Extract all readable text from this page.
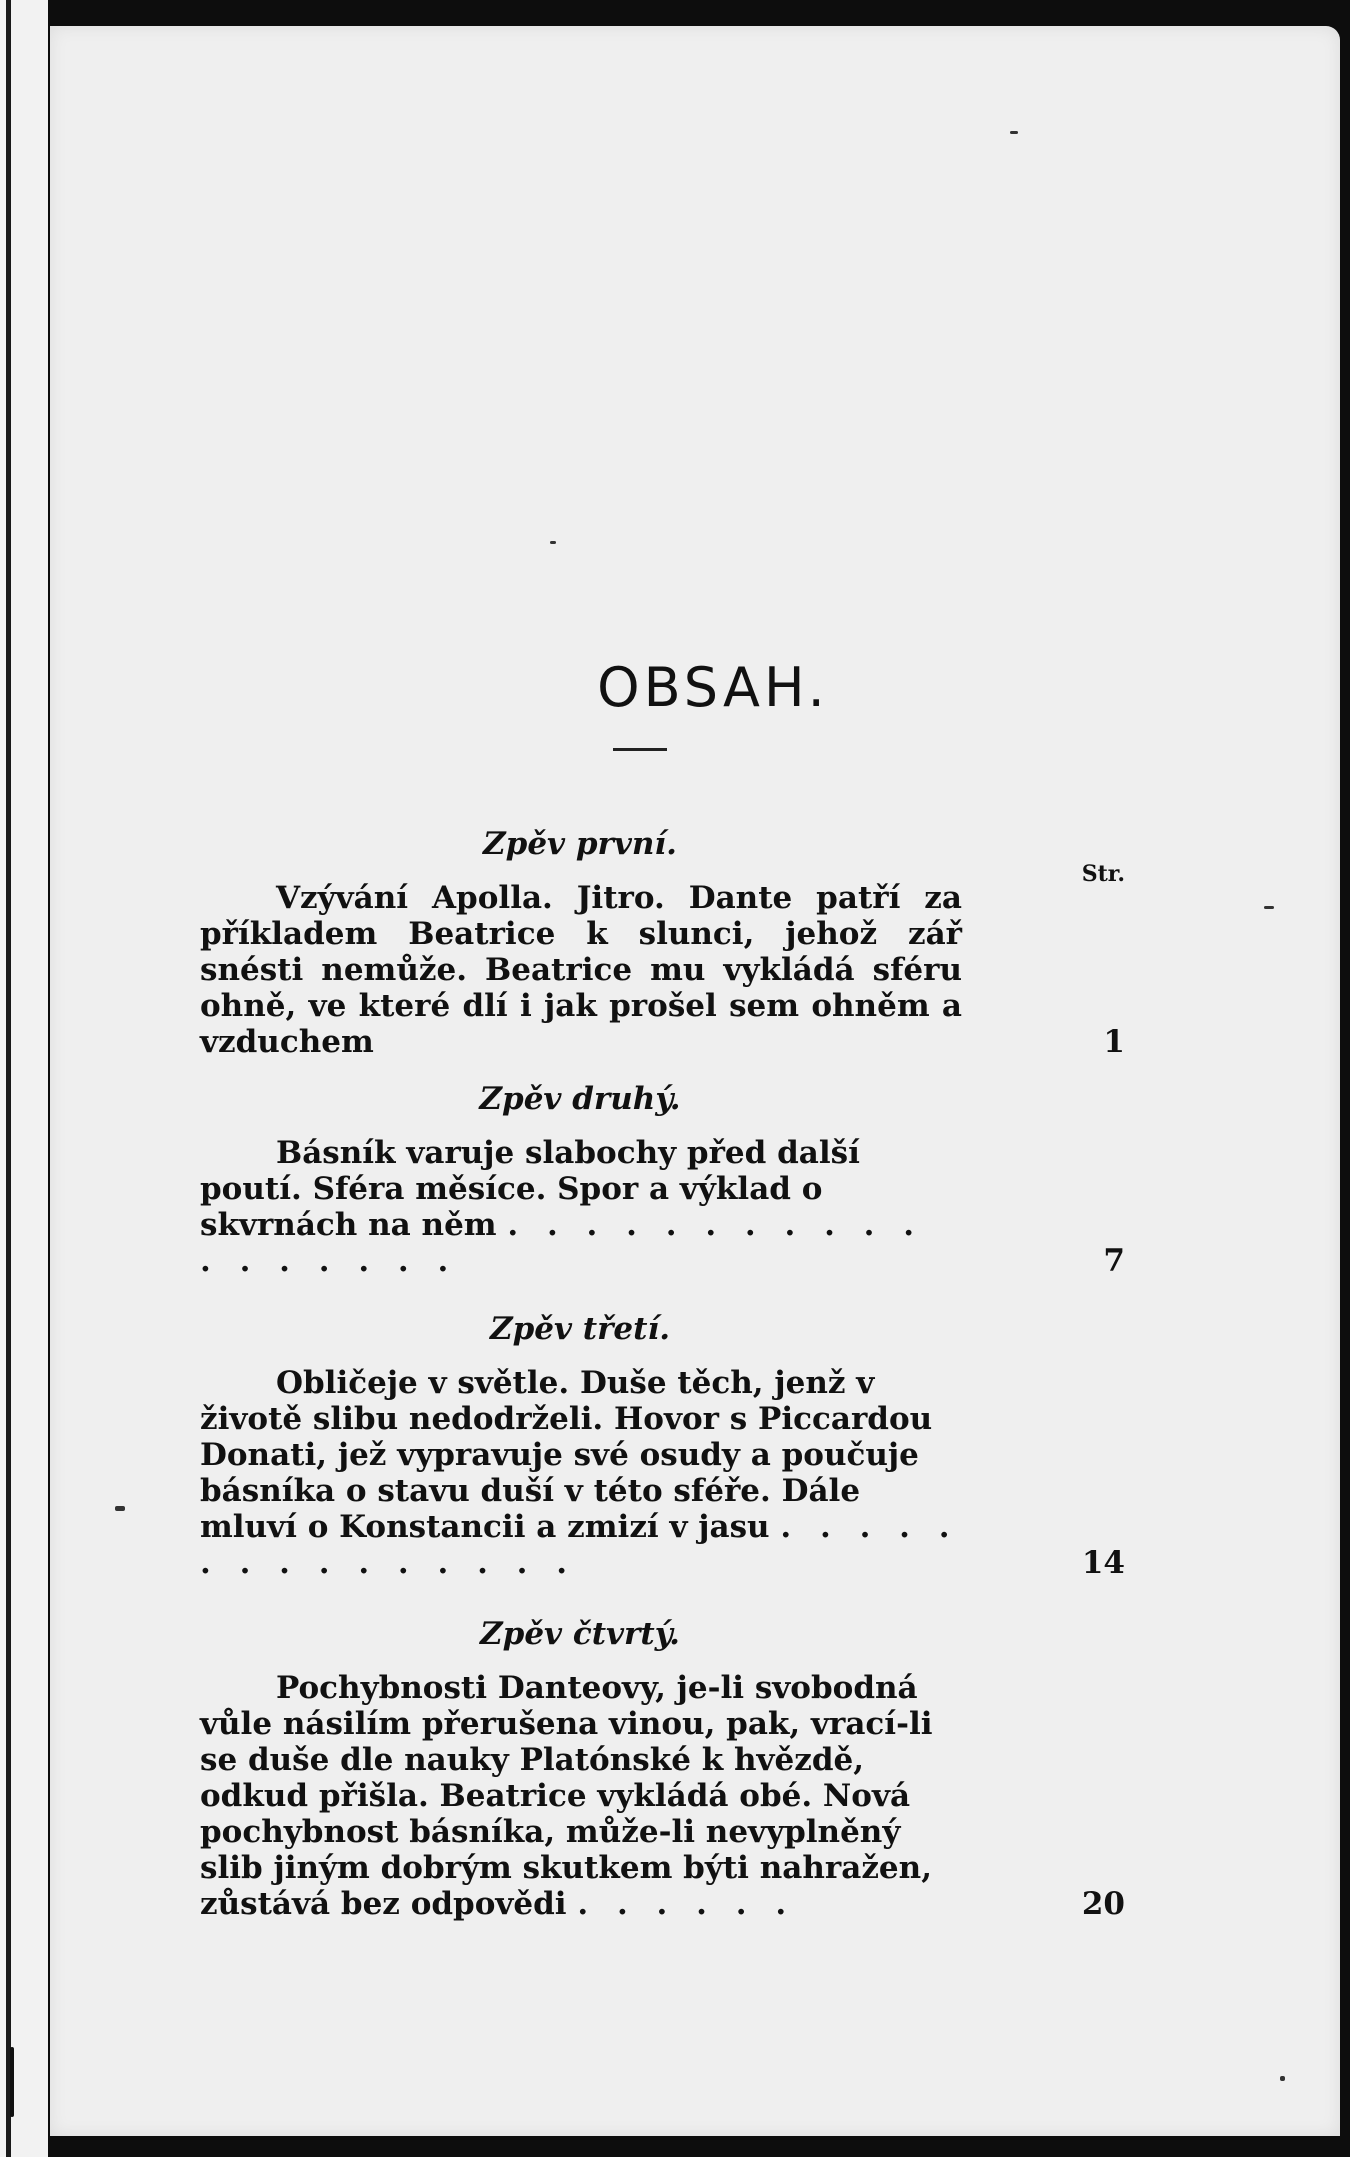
OBSAH.
Zpěv první.
Str.
Vzývání Apolla. Jitro. Dante patří za příkladem Beatrice k slunci, jehož zář snésti nemůže. Beatrice mu vykládá sféru ohně, ve které dlí i jak prošel sem ohněm a vzduchem	1
Zpěv druhý.
Básník varuje slabochy před další poutí. Sféra měsíce. Spor a výklad o skvrnách na něm . . . . . . . . . . . . . . . . . .	7
Zpěv třetí.
Obličeje v světle. Duše těch, jenž v životě slibu nedodrželi. Hovor s Piccardou Donati, jež vypravuje své osudy a poučuje básníka o stavu duší v této sféře. Dále mluví o Konstancii a zmizí v jasu . . . . . . . . . . . . . . .	14
Zpěv čtvrtý.
Pochybnosti Danteovy, je-li svobodná vůle násilím přerušena vinou, pak, vrací-li se duše dle nauky Platónské k hvězdě, odkud přišla. Beatrice vykládá obé. Nová pochybnost básníka, může-li nevyplněný slib jiným dobrým skutkem býti nahražen, zůstává bez odpovědi . . . . . .	20
